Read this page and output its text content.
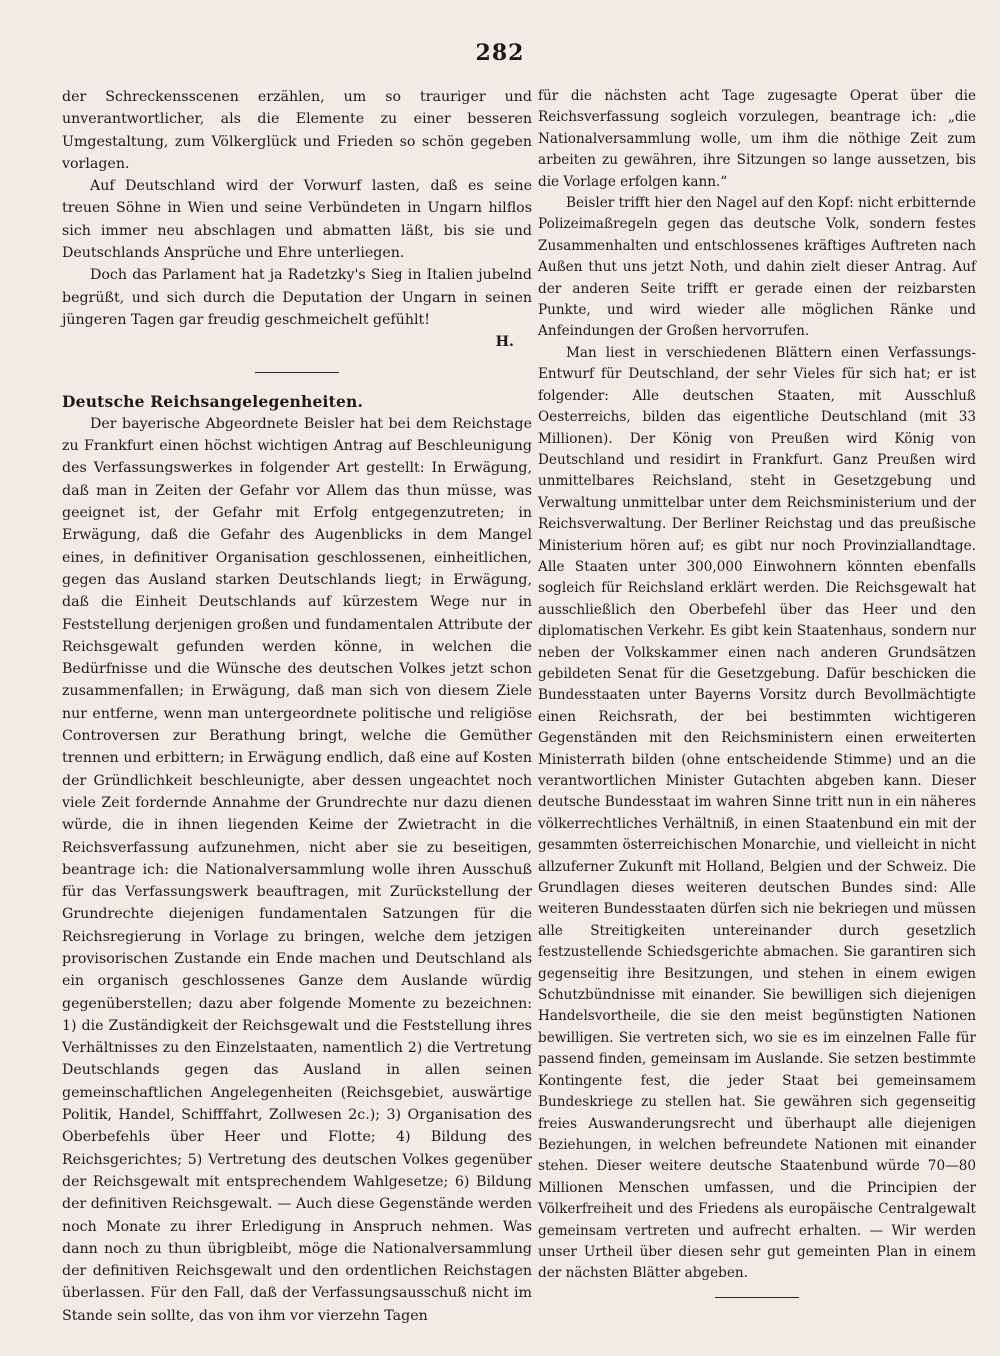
282

der Schreckensscenen erzählen, um so trauriger und unverantwortlicher, als die Elemente zu einer besseren Umgestaltung, zum Völkerglück und Frieden so schön gegeben vorlagen.

Auf Deutschland wird der Vorwurf lasten, daß es seine treuen Söhne in Wien und seine Verbündeten in Ungarn hilflos sich immer neu abschlagen und abmatten läßt, bis sie und Deutschlands Ansprüche und Ehre unterliegen.

Doch das Parlament hat ja Radetzky's Sieg in Italien jubelnd begrüßt, und sich durch die Deputation der Ungarn in seinen jüngeren Tagen gar freudig geschmeichelt gefühlt!

H.

Deutsche Reichsangelegenheiten.

Der bayerische Abgeordnete Beisler hat bei dem Reichstage zu Frankfurt einen höchst wichtigen Antrag auf Beschleunigung des Verfassungswerkes in folgender Art gestellt: In Erwägung, daß man in Zeiten der Gefahr vor Allem das thun müsse, was geeignet ist, der Gefahr mit Erfolg entgegenzutreten; in Erwägung, daß die Gefahr des Augenblicks in dem Mangel eines, in definitiver Organisation geschlossenen, einheitlichen, gegen das Ausland starken Deutschlands liegt; in Erwägung, daß die Einheit Deutschlands auf kürzestem Wege nur in Feststellung derjenigen großen und fundamentalen Attribute der Reichsgewalt gefunden werden könne, in welchen die Bedürfnisse und die Wünsche des deutschen Volkes jetzt schon zusammenfallen; in Erwägung, daß man sich von diesem Ziele nur entferne, wenn man untergeordnete politische und religiöse Controversen zur Berathung bringt, welche die Gemüther trennen und erbittern; in Erwägung endlich, daß eine auf Kosten der Gründlichkeit beschleunigte, aber dessen ungeachtet noch viele Zeit fordernde Annahme der Grundrechte nur dazu dienen würde, die in ihnen liegenden Keime der Zwietracht in die Reichsverfassung aufzunehmen, nicht aber sie zu beseitigen, beantrage ich: die Nationalversammlung wolle ihren Ausschuß für das Verfassungswerk beauftragen, mit Zurückstellung der Grundrechte diejenigen fundamentalen Satzungen für die Reichsregierung in Vorlage zu bringen, welche dem jetzigen provisorischen Zustande ein Ende machen und Deutschland als ein organisch geschlossenes Ganze dem Auslande würdig gegenüberstellen; dazu aber folgende Momente zu bezeichnen: 1) die Zuständigkeit der Reichsgewalt und die Feststellung ihres Verhältnisses zu den Einzelstaaten, namentlich 2) die Vertretung Deutschlands gegen das Ausland in allen seinen gemeinschaftlichen Angelegenheiten (Reichsgebiet, auswärtige Politik, Handel, Schifffahrt, Zollwesen 2c.); 3) Organisation des Oberbefehls über Heer und Flotte; 4) Bildung des Reichsgerichtes; 5) Vertretung des deutschen Volkes gegenüber der Reichsgewalt mit entsprechendem Wahlgesetze; 6) Bildung der definitiven Reichsgewalt. — Auch diese Gegenstände werden noch Monate zu ihrer Erledigung in Anspruch nehmen. Was dann noch zu thun übrigbleibt, möge die Nationalversammlung der definitiven Reichsgewalt und den ordentlichen Reichstagen überlassen. Für den Fall, daß der Verfassungsausschuß nicht im Stande sein sollte, das von ihm vor vierzehn Tagen

für die nächsten acht Tage zugesagte Operat über die Reichsverfassung sogleich vorzulegen, beantrage ich: „die Nationalversammlung wolle, um ihm die nöthige Zeit zum arbeiten zu gewähren, ihre Sitzungen so lange aussetzen, bis die Vorlage erfolgen kann.“

Beisler trifft hier den Nagel auf den Kopf: nicht erbitternde Polizeimaßregeln gegen das deutsche Volk, sondern festes Zusammenhalten und entschlossenes kräftiges Auftreten nach Außen thut uns jetzt Noth, und dahin zielt dieser Antrag. Auf der anderen Seite trifft er gerade einen der reizbarsten Punkte, und wird wieder alle möglichen Ränke und Anfeindungen der Großen hervorrufen.

Man liest in verschiedenen Blättern einen Verfassungs-Entwurf für Deutschland, der sehr Vieles für sich hat; er ist folgender: Alle deutschen Staaten, mit Ausschluß Oesterreichs, bilden das eigentliche Deutschland (mit 33 Millionen). Der König von Preußen wird König von Deutschland und residirt in Frankfurt. Ganz Preußen wird unmittelbares Reichsland, steht in Gesetzgebung und Verwaltung unmittelbar unter dem Reichsministerium und der Reichsverwaltung. Der Berliner Reichstag und das preußische Ministerium hören auf; es gibt nur noch Provinziallandtage. Alle Staaten unter 300,000 Einwohnern könnten ebenfalls sogleich für Reichsland erklärt werden. Die Reichsgewalt hat ausschließlich den Oberbefehl über das Heer und den diplomatischen Verkehr. Es gibt kein Staatenhaus, sondern nur neben der Volkskammer einen nach anderen Grundsätzen gebildeten Senat für die Gesetzgebung. Dafür beschicken die Bundesstaaten unter Bayerns Vorsitz durch Bevollmächtigte einen Reichsrath, der bei bestimmten wichtigeren Gegenständen mit den Reichsministern einen erweiterten Ministerrath bilden (ohne entscheidende Stimme) und an die verantwortlichen Minister Gutachten abgeben kann. Dieser deutsche Bundesstaat im wahren Sinne tritt nun in ein näheres völkerrechtliches Verhältniß, in einen Staatenbund ein mit der gesammten österreichischen Monarchie, und vielleicht in nicht allzuferner Zukunft mit Holland, Belgien und der Schweiz. Die Grundlagen dieses weiteren deutschen Bundes sind: Alle weiteren Bundesstaaten dürfen sich nie bekriegen und müssen alle Streitigkeiten untereinander durch gesetzlich festzustellende Schiedsgerichte abmachen. Sie garantiren sich gegenseitig ihre Besitzungen, und stehen in einem ewigen Schutzbündnisse mit einander. Sie bewilligen sich diejenigen Handelsvortheile, die sie den meist begünstigten Nationen bewilligen. Sie vertreten sich, wo sie es im einzelnen Falle für passend finden, gemeinsam im Auslande. Sie setzen bestimmte Kontingente fest, die jeder Staat bei gemeinsamem Bundeskriege zu stellen hat. Sie gewähren sich gegenseitig freies Auswanderungsrecht und überhaupt alle diejenigen Beziehungen, in welchen befreundete Nationen mit einander stehen. Dieser weitere deutsche Staatenbund würde 70—80 Millionen Menschen umfassen, und die Principien der Völkerfreiheit und des Friedens als europäische Centralgewalt gemeinsam vertreten und aufrecht erhalten. — Wir werden unser Urtheil über diesen sehr gut gemeinten Plan in einem der nächsten Blätter abgeben.
